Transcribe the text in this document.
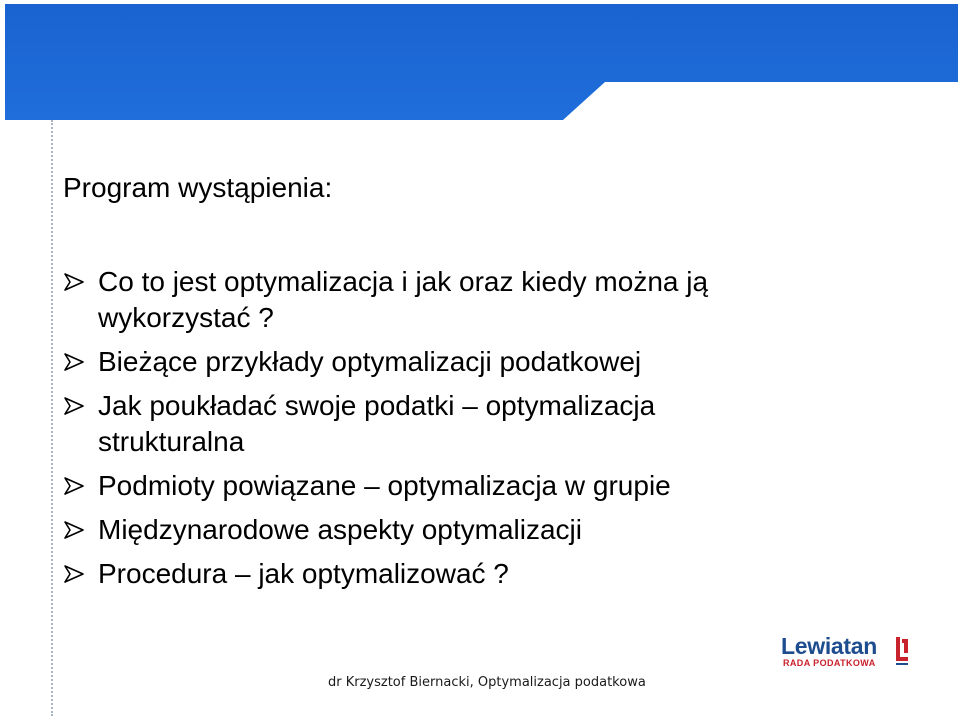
Program wystąpienia:
Co to jest optymalizacja i jak oraz kiedy można ją
wykorzystać ?
Bieżące przykłady optymalizacji podatkowej
Jak poukładać swoje podatki – optymalizacja
strukturalna
Podmioty powiązane – optymalizacja w grupie
Międzynarodowe aspekty optymalizacji
Procedura – jak optymalizować ?
Lewiatan
RADA PODATKOWA
dr Krzysztof Biernacki, Optymalizacja podatkowa
